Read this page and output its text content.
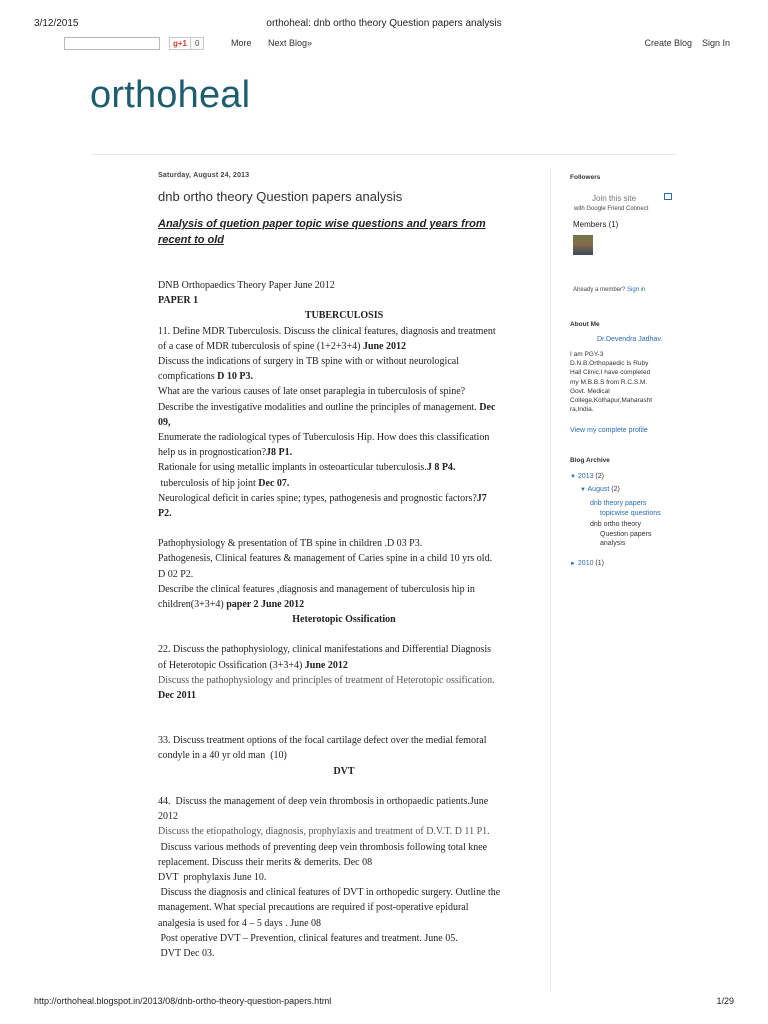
3/12/2015	orthoheal: dnb ortho theory Question papers analysis
g+1 0	More Next Blog»	Create Blog Sign In
orthoheal
Saturday, August 24, 2013
dnb ortho theory Question papers analysis
Analysis of quetion paper topic wise questions and years from
recent to old
DNB Orthopaedics Theory Paper June 2012
PAPER 1
TUBERCULOSIS
11. Define MDR Tuberculosis. Discuss the clinical features, diagnosis and treatment
of a case of MDR tuberculosis of spine (1+2+3+4) June 2012
Discuss the indications of surgery in TB spine with or without neurological
compfications D 10 P3.
What are the various causes of late onset paraplegia in tuberculosis of spine?
Describe the investigative modalities and outline the principles of management. Dec
09,
Enumerate the radiological types of Tuberculosis Hip. How does this classification
help us in prognostication?J8 P1.
Rationale for using metallic implants in osteoarticular tuberculosis.J 8 P4.
tuberculosis of hip joint Dec 07.
Neurological deficit in caries spine; types, pathogenesis and prognostic factors?J7
P2.
Pathophysiology & presentation of TB spine in children .D 03 P3.
Pathogenesis, Clinical features & management of Caries spine in a child 10 yrs old.
D 02 P2.
Describe the clinical features ,diagnosis and management of tuberculosis hip in
children(3+3+4) paper 2 June 2012
Heterotopic Ossification
22. Discuss the pathophysiology, clinical manifestations and Differential Diagnosis
of Heterotopic Ossification (3+3+4) June 2012
Discuss the pathophysiology and principles of treatment of Heterotopic ossification.
Dec 2011
33. Discuss treatment options of the focal cartilage defect over the medial femoral
condyle in a 40 yr old man  (10)
DVT
44.  Discuss the management of deep vein thrombosis in orthopaedic patients.June
2012
Discuss the etiopathology, diagnosis, prophylaxis and treatment of D.V.T. D 11 P1.
Discuss various methods of preventing deep vein thrombosis following total knee
replacement. Discuss their merits & demerits. Dec 08
DVT  prophylaxis June 10.
Discuss the diagnosis and clinical features of DVT in orthopedic surgery. Outline the
management. What special precautions are required if post-operative epidural
analgesia is used for 4 – 5 days . June 08
Post operative DVT – Prevention, clinical features and treatment. June 05.
DVT Dec 03.
Followers
Join this site
with Google Friend Connect
Members (1)
Already a member? Sign in
About Me
Dr.Devendra Jadhav.
I am PGY-3
D.N.B.Orthopaedic Is Ruby
Hall Clinic.I have completed
my M.B.B.S from R.C.S.M.
Govt. Medical
College,Kolhapur,Maharasht
ra,India.
View my complete profile
Blog Archive
▼ 2013 (2)
▼ August (2)
dnb theory papers
topicwise questions
dnb ortho theory
Question papers
analysis
► 2010 (1)
http://orthoheal.blogspot.in/2013/08/dnb-ortho-theory-question-papers.html	1/29
